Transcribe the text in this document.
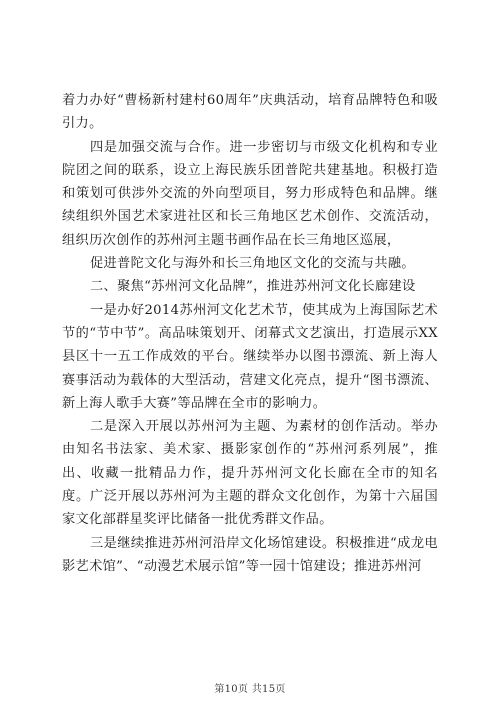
着力办好“曹杨新村建村60周年”庆典活动，培育品牌特色和吸引力。

四是加强交流与合作。进一步密切与市级文化机构和专业院团之间的联系，设立上海民族乐团普陀共建基地。积极打造和策划可供涉外交流的外向型项目，努力形成特色和品牌。继续组织外国艺术家进社区和长三角地区艺术创作、交流活动，组织历次创作的苏州河主题书画作品在长三角地区巡展，

促进普陀文化与海外和长三角地区文化的交流与共融。

二、聚焦“苏州河文化品牌”，推进苏州河文化长廊建设

一是办好2014苏州河文化艺术节，使其成为上海国际艺术节的“节中节”。高品味策划开、闭幕式文艺演出，打造展示XX县区十一五工作成效的平台。继续举办以图书漂流、新上海人赛事活动为载体的大型活动，营建文化亮点，提升“图书漂流、新上海人歌手大赛”等品牌在全市的影响力。

二是深入开展以苏州河为主题、为素材的创作活动。举办由知名书法家、美术家、摄影家创作的“苏州河系列展”，推出、收藏一批精品力作，提升苏州河文化长廊在全市的知名度。广泛开展以苏州河为主题的群众文化创作，为第十六届国家文化部群星奖评比储备一批优秀群文作品。

三是继续推进苏州河沿岸文化场馆建设。积极推进“成龙电影艺术馆”、“动漫艺术展示馆”等一园十馆建设；推进苏州河

第10页 共15页
